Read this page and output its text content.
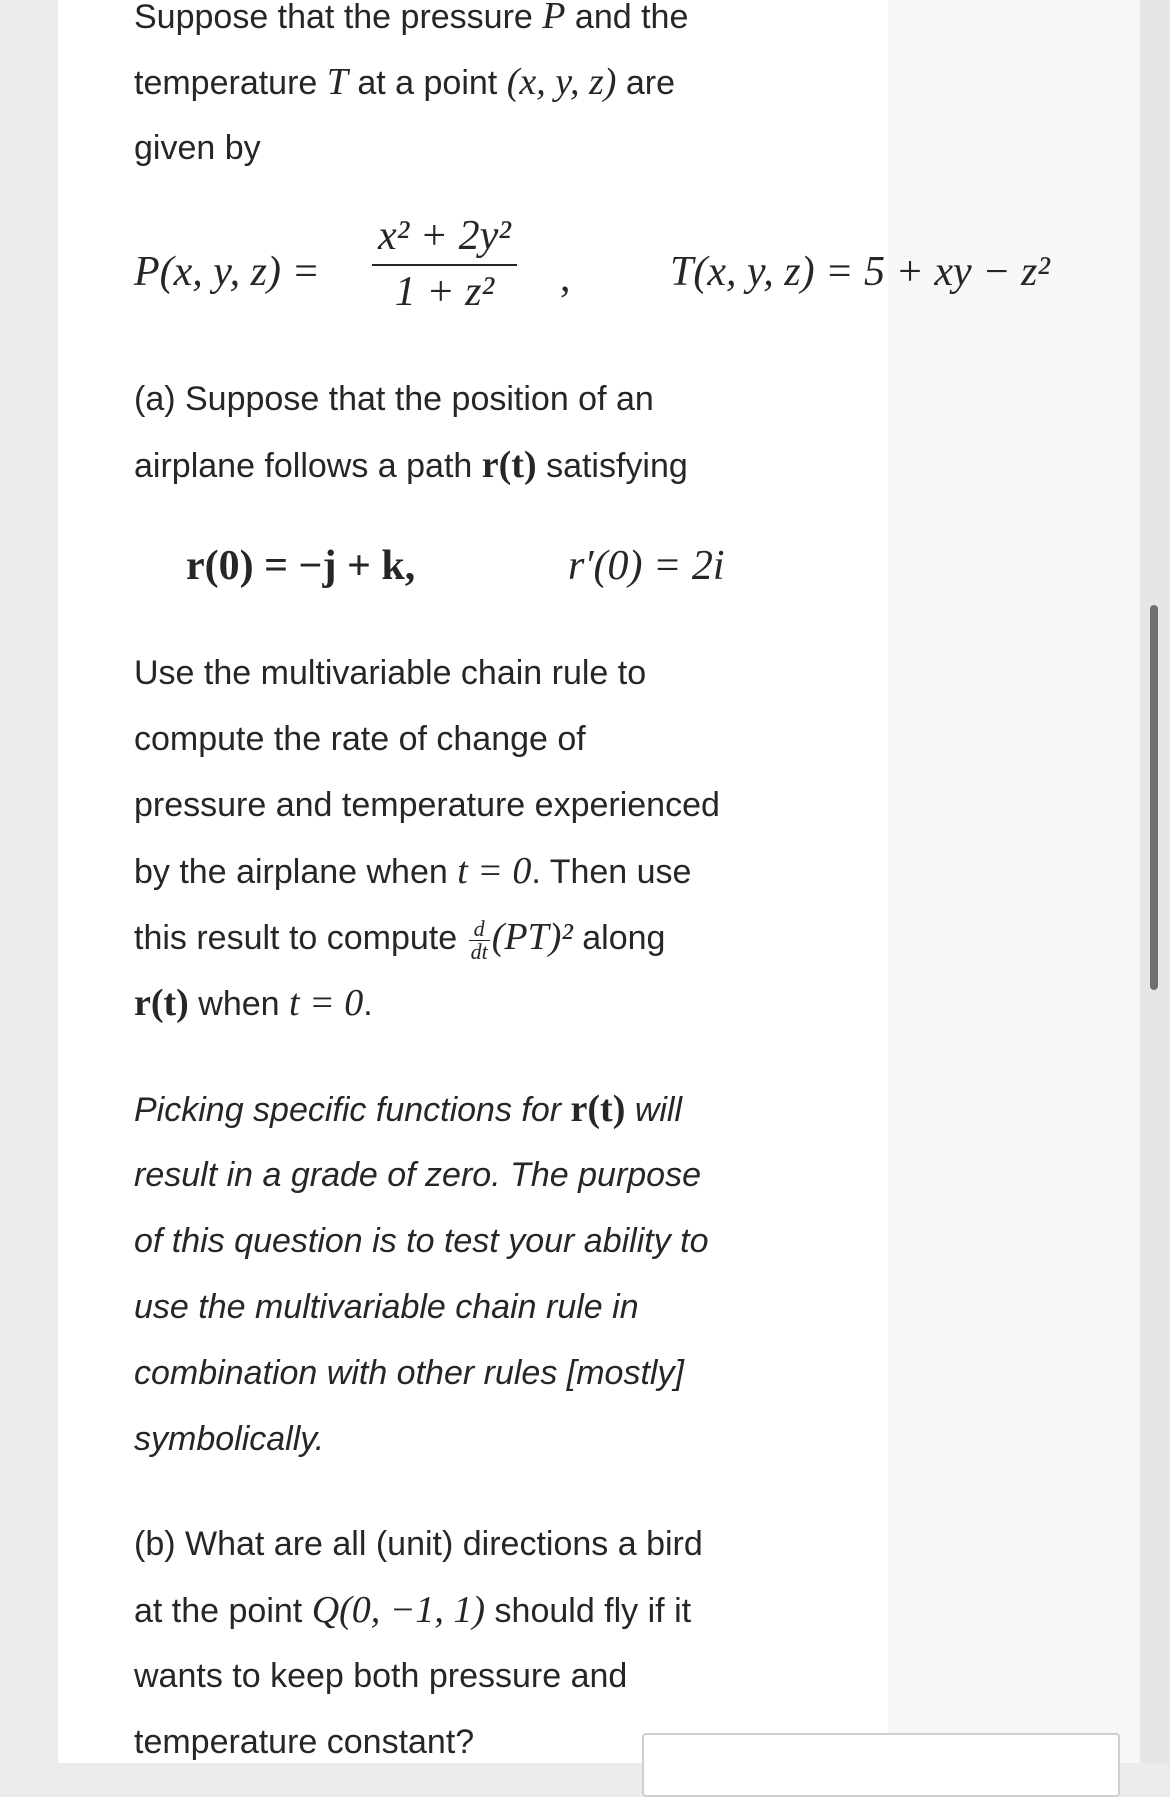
Suppose that the pressure P and the

temperature T at a point (x, y, z) are

given by

P(x, y, $z) = \frac{\text{x² + 2y²}}{\text{1 + z²}}$ , T(x, y, z) = 5 + xy − z²

(a) Suppose that the position of an

airplane follows a path r(t) satisfying

r(0) = −j + k,	r′(0) = 2i

Use the multivariable chain rule to

compute the rate of change of

pressure and temperature experienced

by the airplane when t = 0. Then use

this result to compute $\frac{d}{dt} (PT)^2$ along

r(t) when t = 0.

Picking specific functions for r(t) will

result in a grade of zero. The purpose

of this question is to test your ability to

use the multivariable chain rule in

combination with other rules [mostly]

symbolically.

(b) What are all (unit) directions a bird

at the point Q(0, −1, 1) should fly if it

wants to keep both pressure and

temperature constant?
